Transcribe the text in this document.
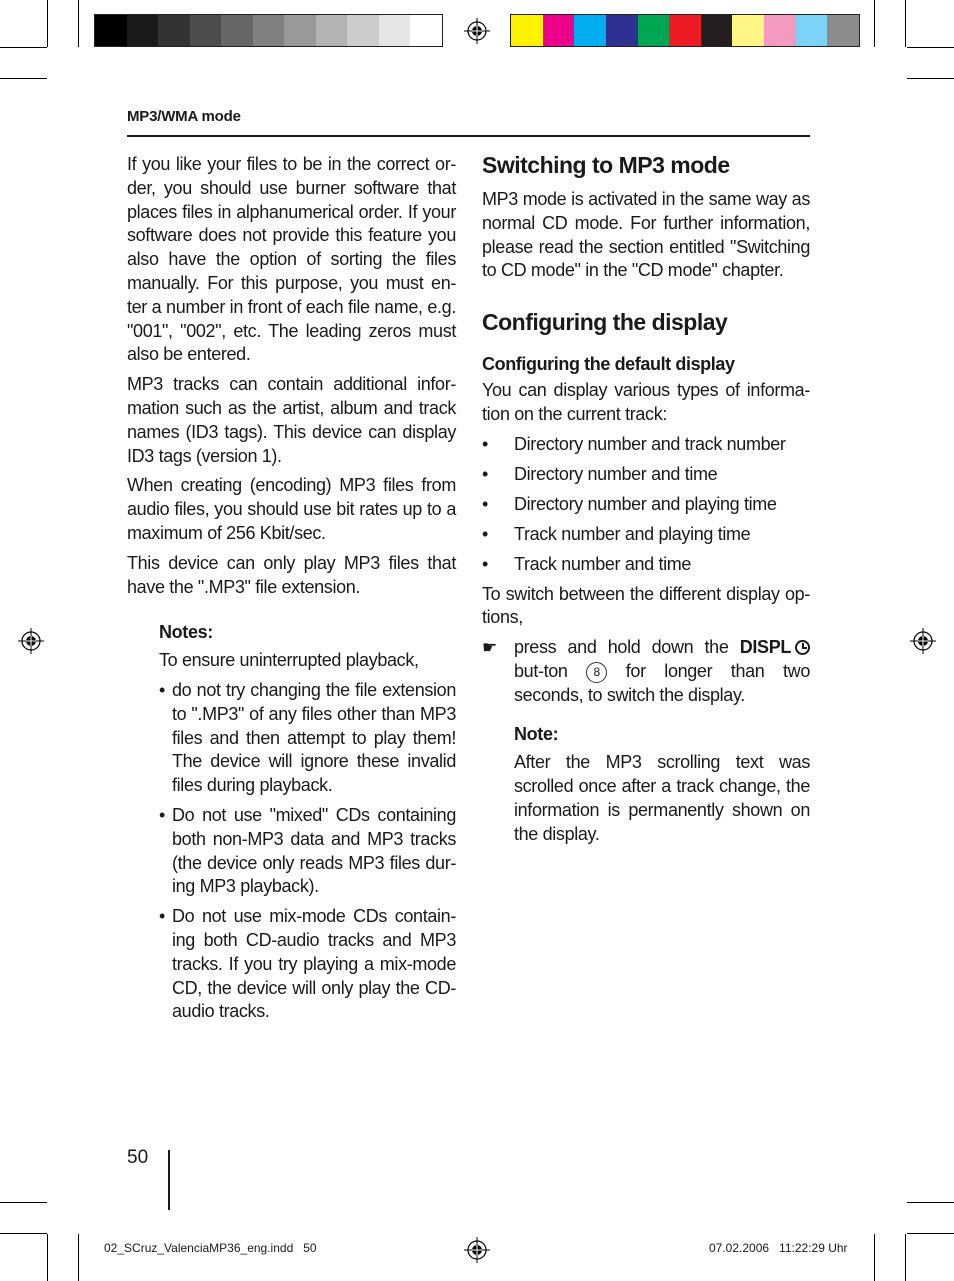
MP3/WMA mode

If you like your files to be in the correct or-der, you should use burner software that places files in alphanumerical order. If your software does not provide this feature you also have the option of sorting the files manually. For this purpose, you must en-ter a number in front of each file name, e.g. "001", "002", etc. The leading zeros must also be entered.

MP3 tracks can contain additional infor-mation such as the artist, album and track names (ID3 tags). This device can display ID3 tags (version 1).

When creating (encoding) MP3 files from audio files, you should use bit rates up to a maximum of 256 Kbit/sec.

This device can only play MP3 files that have the ".MP3" file extension.

Notes:

To ensure uninterrupted playback,

• do not try changing the file extension to ".MP3" of any files other than MP3 files and then attempt to play them! The device will ignore these invalid files during playback.
• Do not use "mixed" CDs containing both non-MP3 data and MP3 tracks (the device only reads MP3 files dur-ing MP3 playback).
• Do not use mix-mode CDs contain-ing both CD-audio tracks and MP3 tracks. If you try playing a mix-mode CD, the device will only play the CD-audio tracks.
Switching to MP3 mode

MP3 mode is activated in the same way as normal CD mode. For further information, please read the section entitled "Switching to CD mode" in the "CD mode" chapter.

Configuring the display
Configuring the default display

You can display various types of informa-tion on the current track:

•	Directory number and track number
•	Directory number and time
•	Directory number and playing time
•	Track number and playing time
•	Track number and time

To switch between the different display op-tions,

☛ press and hold down the DISPL but-ton 8 for longer than two seconds, to switch the display.
Note:

After the MP3 scrolling text was scrolled once after a track change, the information is permanently shown on the display.

50
02_SCruz_ValenciaMP36_eng.indd   50	07.02.2006   11:22:29 Uhr
